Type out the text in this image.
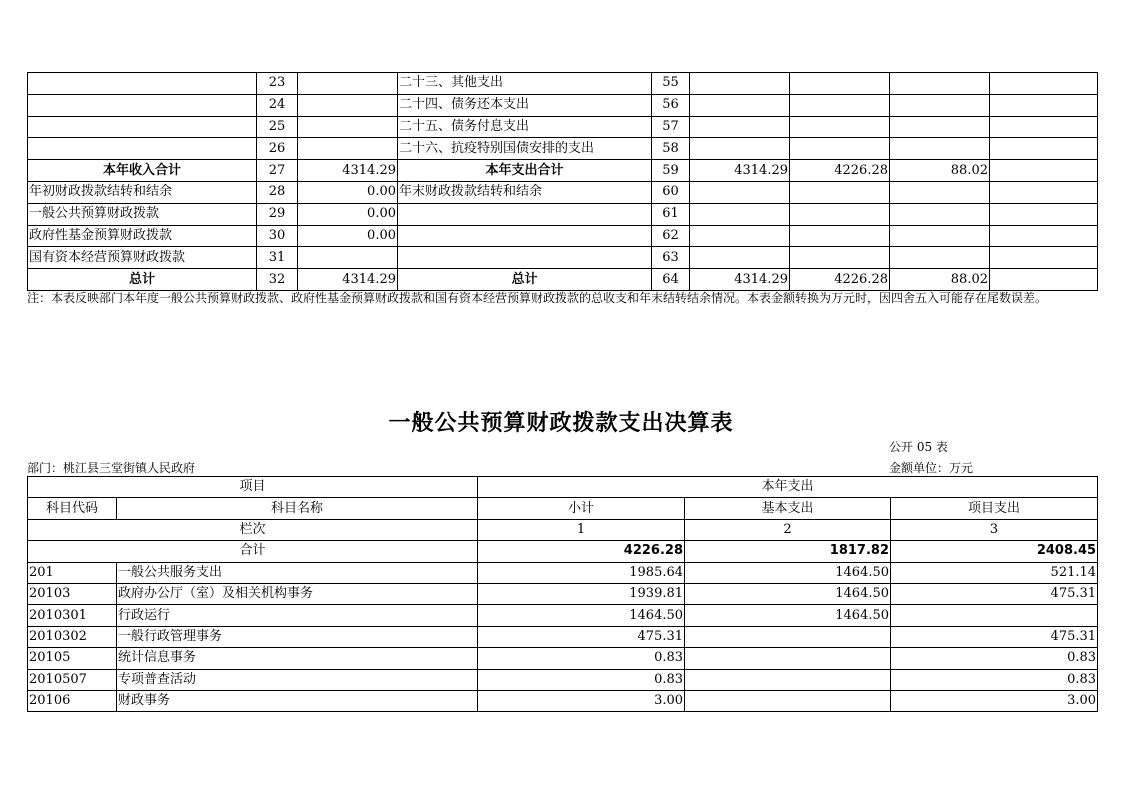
	23		二十三、其他支出	55				
	24		二十四、债务还本支出	56				
	25		二十五、债务付息支出	57				
	26		二十六、抗疫特别国债安排的支出	58				
本年收入合计	27	4314.29	本年支出合计	59	4314.29	4226.28	88.02	
年初财政拨款结转和结余	28	0.00	年末财政拨款结转和结余	60				
一般公共预算财政拨款	29	0.00		61				
政府性基金预算财政拨款	30	0.00		62				
国有资本经营预算财政拨款	31			63				
总计	32	4314.29	总计	64	4314.29	4226.28	88.02	
注：本表反映部门本年度一般公共预算财政拨款、政府性基金预算财政拨款和国有资本经营预算财政拨款的总收支和年末结转结余情况。本表金额转换为万元时，因四舍五入可能存在尾数误差。
一般公共预算财政拨款支出决算表
公开 05 表
部门：桃江县三堂街镇人民政府	金额单位：万元
项目		本年支出		
科目代码	科目名称	小计	基本支出	项目支出
栏次		1	2	3
合计		4226.28	1817.82	2408.45
201	一般公共服务支出	1985.64	1464.50	521.14
20103	政府办公厅（室）及相关机构事务	1939.81	1464.50	475.31
2010301	行政运行	1464.50	1464.50	
2010302	一般行政管理事务	475.31		475.31
20105	统计信息事务	0.83		0.83
2010507	专项普查活动	0.83		0.83
20106	财政事务	3.00		3.00
